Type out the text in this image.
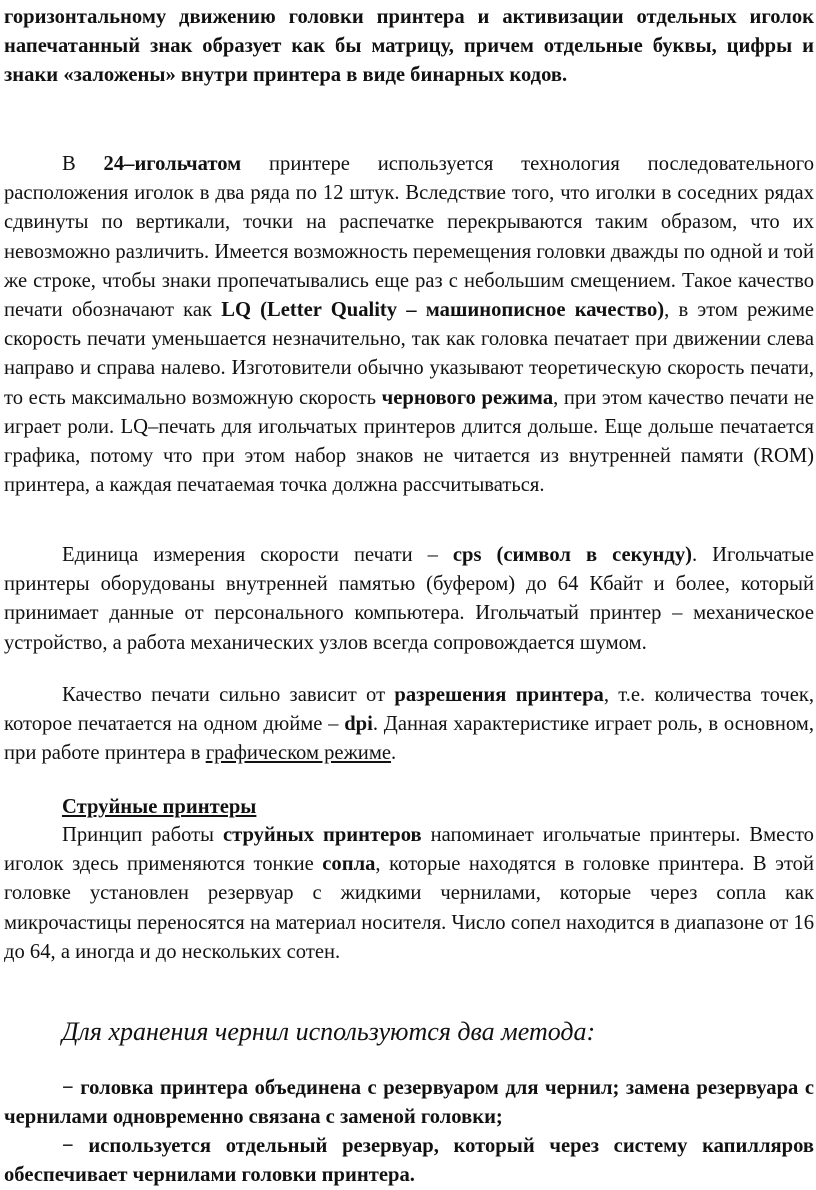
горизонтальному движению головки принтера и активизации отдельных иголок напечатанный знак образует как бы матрицу, причем отдельные буквы, цифры и знаки «заложены» внутри принтера в виде бинарных кодов.

В 24–игольчатом принтере используется технология последовательного расположения иголок в два ряда по 12 штук. Вследствие того, что иголки в соседних рядах сдвинуты по вертикали, точки на распечатке перекрываются таким образом, что их невозможно различить. Имеется возможность перемещения головки дважды по одной и той же строке, чтобы знаки пропечатывались еще раз с небольшим смещением. Такое качество печати обозначают как LQ (Letter Quality – машинописное качество), в этом режиме скорость печати уменьшается незначительно, так как головка печатает при движении слева направо и справа налево. Изготовители обычно указывают теоретическую скорость печати, то есть максимально возможную скорость чернового режима, при этом качество печати не играет роли. LQ–печать для игольчатых принтеров длится дольше. Еще дольше печатается графика, потому что при этом набор знаков не читается из внутренней памяти (ROM) принтера, а каждая печатаемая точка должна рассчитываться.

Единица измерения скорости печати – cps (символ в секунду). Игольчатые принтеры оборудованы внутренней памятью (буфером) до 64 Кбайт и более, который принимает данные от персонального компьютера. Игольчатый принтер – механическое устройство, а работа механических узлов всегда сопровождается шумом.

Качество печати сильно зависит от разрешения принтера, т.е. количества точек, которое печатается на одном дюйме – dpi. Данная характеристике играет роль, в основном, при работе принтера в графическом режиме.

Струйные принтеры

Принцип работы струйных принтеров напоминает игольчатые принтеры. Вместо иголок здесь применяются тонкие сопла, которые находятся в головке принтера. В этой головке установлен резервуар с жидкими чернилами, которые через сопла как микрочастицы переносятся на материал носителя. Число сопел находится в диапазоне от 16 до 64, а иногда и до нескольких сотен.

Для хранения чернил используются два метода:

− головка принтера объединена с резервуаром для чернил; замена резервуара с чернилами одновременно связана с заменой головки;

− используется отдельный резервуар, который через систему капилляров обеспечивает чернилами головки принтера.
